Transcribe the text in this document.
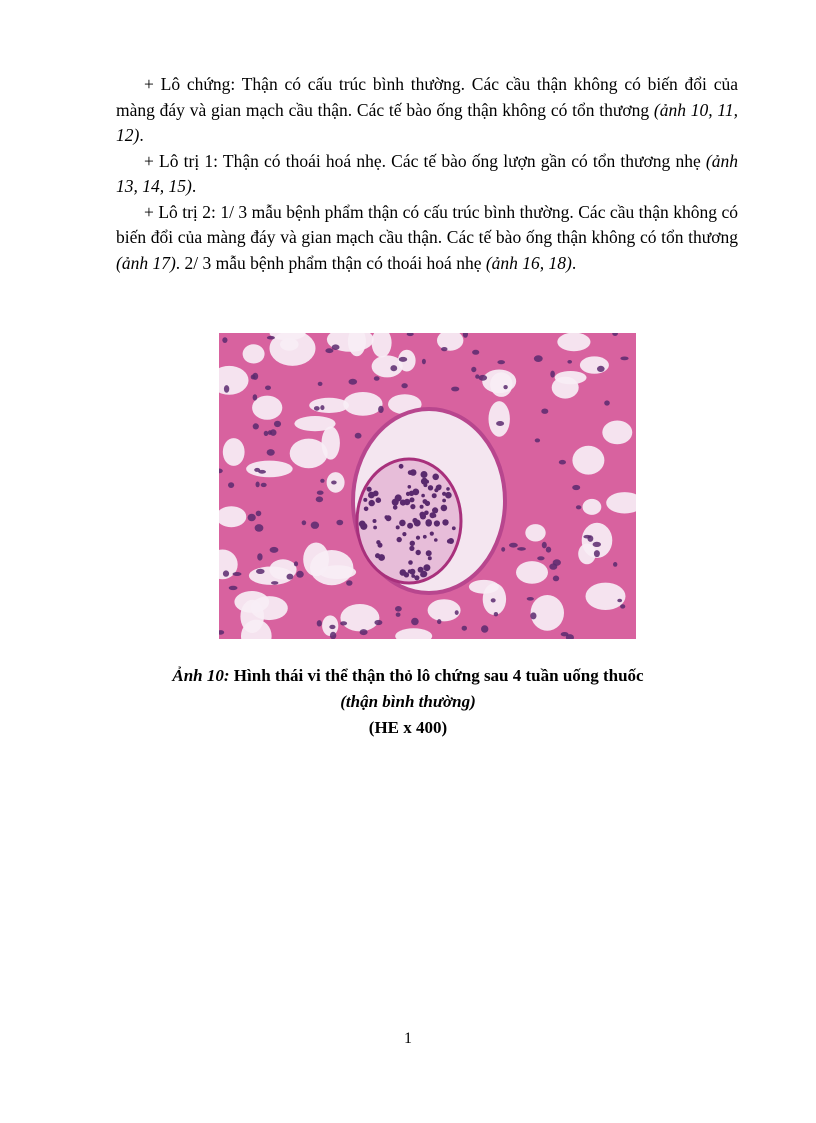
+ Lô chứng: Thận có cấu trúc bình thường. Các cầu thận không có biến đổi của màng đáy và gian mạch cầu thận. Các tế bào ống thận không có tổn thương (ảnh 10, 11, 12).

+ Lô trị 1: Thận có thoái hoá nhẹ. Các tế bào ống lượn gần có tổn thương nhẹ (ảnh 13, 14, 15).

+ Lô trị 2: 1/ 3 mẫu bệnh phẩm thận có cấu trúc bình thường. Các cầu thận không có biến đổi của màng đáy và gian mạch cầu thận. Các tế bào ống thận không có tổn thương (ảnh 17). 2/ 3 mẫu bệnh phẩm thận có thoái hoá nhẹ (ảnh 16, 18).

Ảnh 10: Hình thái vi thể thận thỏ lô chứng sau 4 tuần uống thuốc
(thận bình thường)
(HE x 400)
1
